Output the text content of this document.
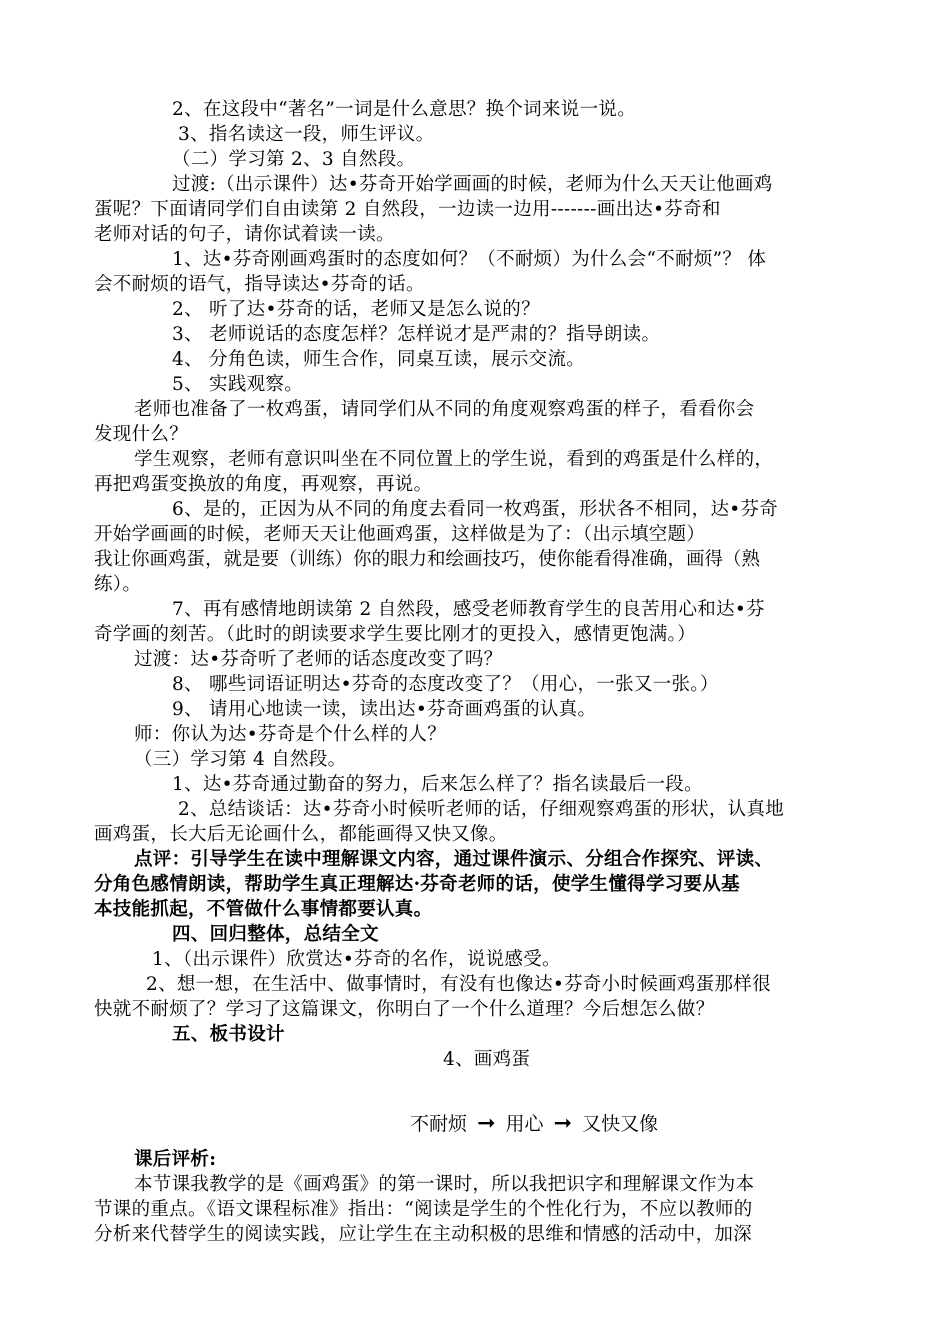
2、在这段中“著名”一词是什么意思？换个词来说一说。
3、指名读这一段，师生评议。
（二）学习第 2、3 自然段。
过渡:（出示课件）达•芬奇开始学画画的时候，老师为什么天天让他画鸡
蛋呢？下面请同学们自由读第 2 自然段，一边读一边用-------画出达•芬奇和
老师对话的句子，请你试着读一读。
1、达•芬奇刚画鸡蛋时的态度如何？（不耐烦）为什么会“不耐烦”？ 体
会不耐烦的语气，指导读达•芬奇的话。
2、 听了达•芬奇的话，老师又是怎么说的？
3、 老师说话的态度怎样？怎样说才是严肃的？指导朗读。
4、 分角色读，师生合作，同桌互读，展示交流。
5、 实践观察。
老师也准备了一枚鸡蛋，请同学们从不同的角度观察鸡蛋的样子，看看你会
发现什么？
学生观察，老师有意识叫坐在不同位置上的学生说，看到的鸡蛋是什么样的，
再把鸡蛋变换放的角度，再观察，再说。
6、是的，正因为从不同的角度去看同一枚鸡蛋，形状各不相同，达•芬奇
开始学画画的时候，老师天天让他画鸡蛋，这样做是为了：（出示填空题）
我让你画鸡蛋，就是要（训练）你的眼力和绘画技巧，使你能看得准确，画得（熟
练）。
7、再有感情地朗读第 2 自然段，感受老师教育学生的良苦用心和达•芬
奇学画的刻苦。（此时的朗读要求学生要比刚才的更投入，感情更饱满。）
过渡：达•芬奇听了老师的话态度改变了吗？
8、 哪些词语证明达•芬奇的态度改变了？（用心，一张又一张。）
9、 请用心地读一读，读出达•芬奇画鸡蛋的认真。
师：你认为达•芬奇是个什么样的人？
（三）学习第 4 自然段。
1、达•芬奇通过勤奋的努力，后来怎么样了？指名读最后一段。
2、总结谈话：达•芬奇小时候听老师的话，仔细观察鸡蛋的形状，认真地
画鸡蛋，长大后无论画什么，都能画得又快又像。
点评：引导学生在读中理解课文内容，通过课件演示、分组合作探究、评读、
分角色感情朗读，帮助学生真正理解达·芬奇老师的话，使学生懂得学习要从基
本技能抓起，不管做什么事情都要认真。
四、回归整体，总结全文
1、（出示课件）欣赏达•芬奇的名作，说说感受。
2、想一想，在生活中、做事情时，有没有也像达•芬奇小时候画鸡蛋那样很
快就不耐烦了？学习了这篇课文，你明白了一个什么道理？今后想怎么做？
五、板书设计
4、画鸡蛋
不耐烦 ➞ 用心 ➞ 又快又像
课后评析:
本节课我教学的是《画鸡蛋》的第一课时，所以我把识字和理解课文作为本
节课的重点。《语文课程标准》指出：“阅读是学生的个性化行为，不应以教师的
分析来代替学生的阅读实践，应让学生在主动积极的思维和情感的活动中，加深
